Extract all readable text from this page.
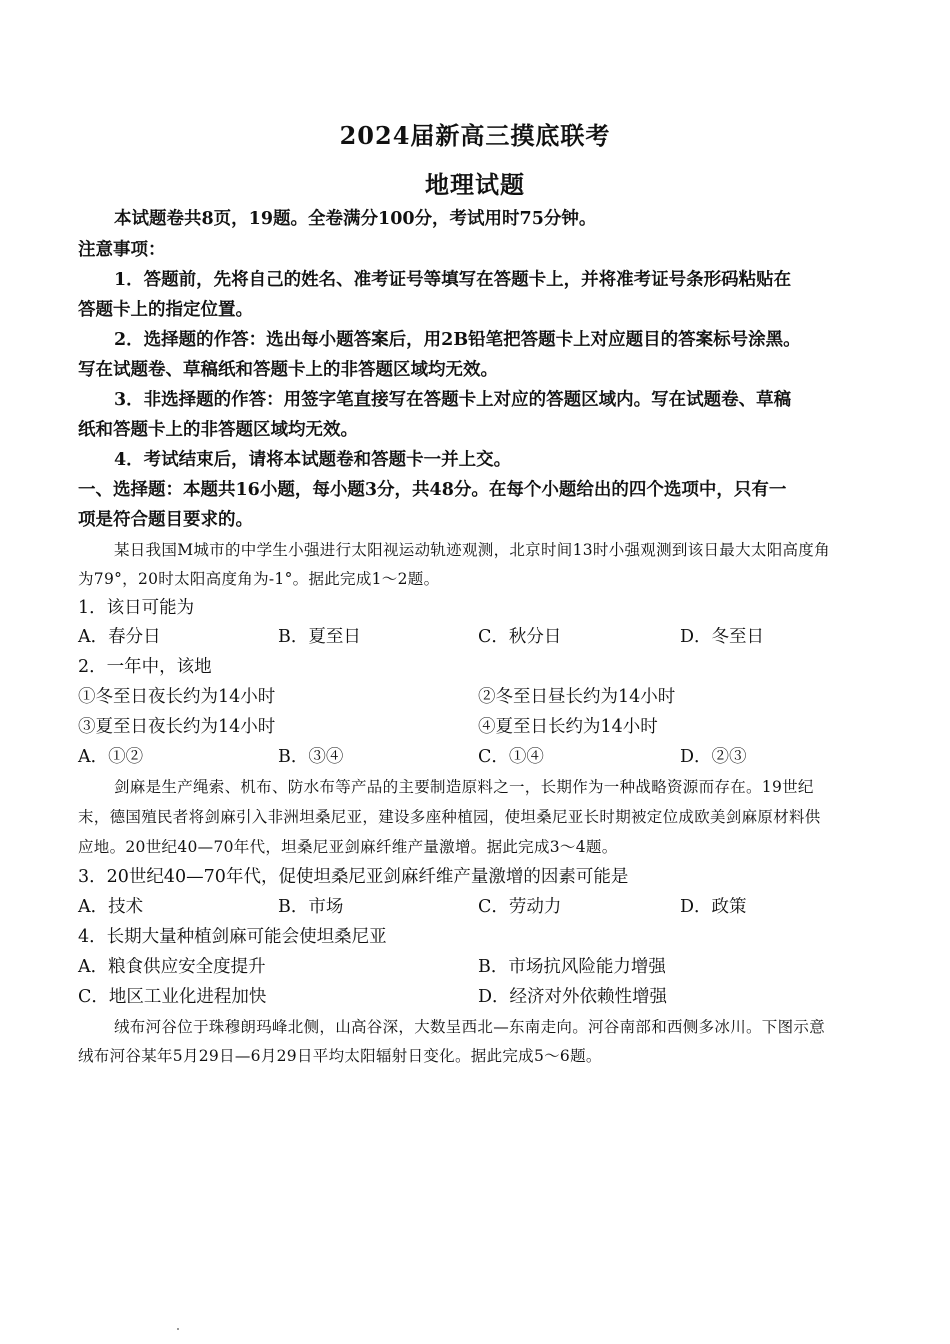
2024届新高三摸底联考
地理试题
本试题卷共8页，19题。全卷满分100分，考试用时75分钟。
注意事项：
1．答题前，先将自己的姓名、准考证号等填写在答题卡上，并将准考证号条形码粘贴在
答题卡上的指定位置。
2．选择题的作答：选出每小题答案后，用2B铅笔把答题卡上对应题目的答案标号涂黑。
写在试题卷、草稿纸和答题卡上的非答题区域均无效。
3．非选择题的作答：用签字笔直接写在答题卡上对应的答题区域内。写在试题卷、草稿
纸和答题卡上的非答题区域均无效。
4．考试结束后，请将本试题卷和答题卡一并上交。
一、选择题：本题共16小题，每小题3分，共48分。在每个小题给出的四个选项中，只有一
项是符合题目要求的。
某日我国M城市的中学生小强进行太阳视运动轨迹观测，北京时间13时小强观测到该日最大太阳高度角
为79°，20时太阳高度角为-1°。据此完成1～2题。
1．该日可能为
A．春分日	B．夏至日	C．秋分日	D．冬至日
2．一年中，该地
①冬至日夜长约为14小时	②冬至日昼长约为14小时
③夏至日夜长约为14小时	④夏至日长约为14小时
A．①②	B．③④	C．①④	D．②③
剑麻是生产绳索、机布、防水布等产品的主要制造原料之一，长期作为一种战略资源而存在。19世纪
末，德国殖民者将剑麻引入非洲坦桑尼亚，建设多座种植园，使坦桑尼亚长时期被定位成欧美剑麻原材料供
应地。20世纪40—70年代，坦桑尼亚剑麻纤维产量激增。据此完成3～4题。
3．20世纪40—70年代，促使坦桑尼亚剑麻纤维产量激增的因素可能是
A．技术	B．市场	C．劳动力	D．政策
4．长期大量种植剑麻可能会使坦桑尼亚
A．粮食供应安全度提升	B．市场抗风险能力增强
C．地区工业化进程加快	D．经济对外依赖性增强
绒布河谷位于珠穆朗玛峰北侧，山高谷深，大数呈西北—东南走向。河谷南部和西侧多冰川。下图示意
绒布河谷某年5月29日—6月29日平均太阳辐射日变化。据此完成5～6题。
